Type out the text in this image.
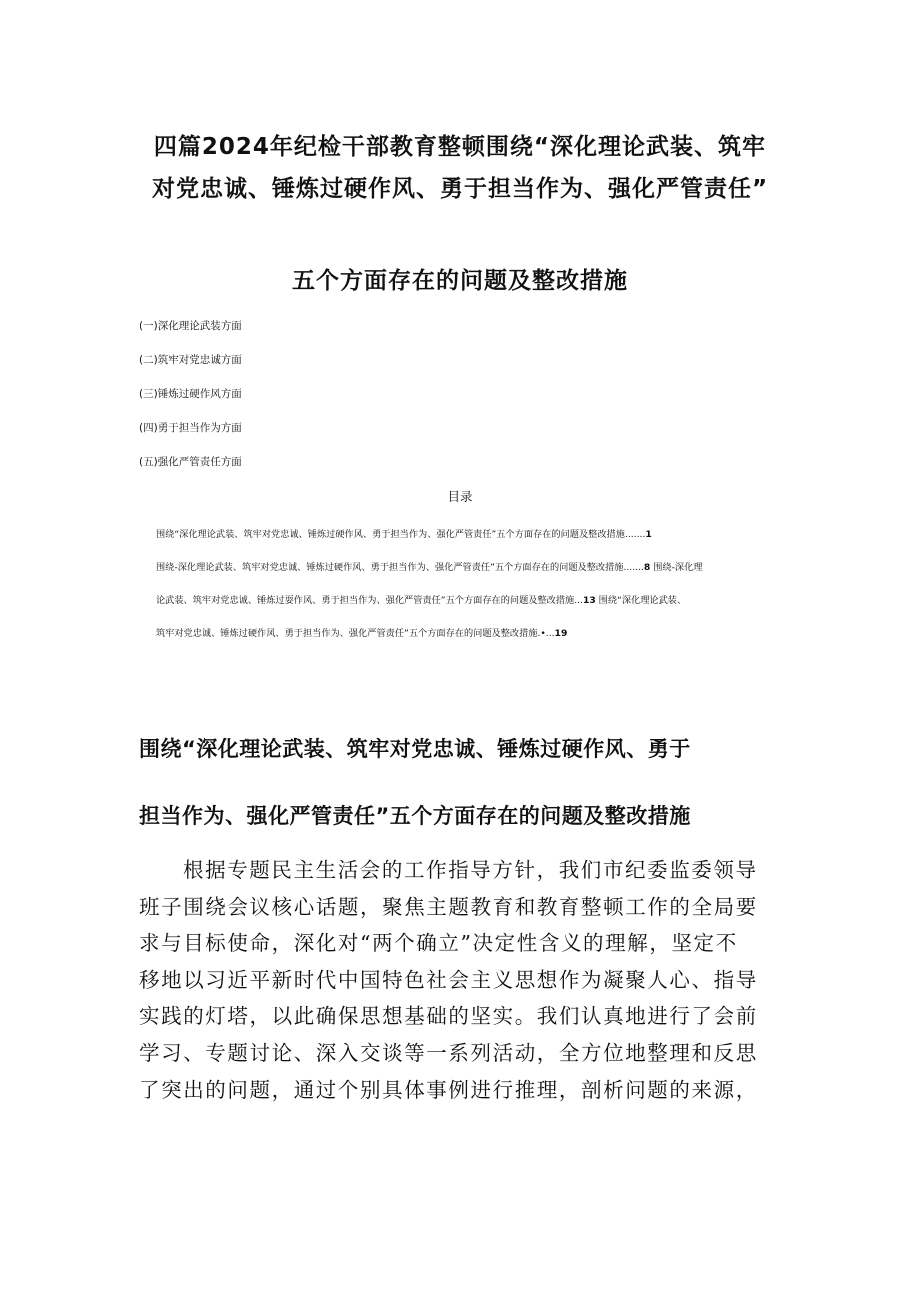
四篇2024年纪检干部教育整顿围绕“深化理论武装、筑牢
对党忠诚、锤炼过硬作风、勇于担当作为、强化严管责任”
五个方面存在的问题及整改措施
(一)深化理论武装方面
(二)筑牢对党忠诚方面
(三)锤炼过硬作风方面
(四)勇于担当作为方面
(五)强化严管责任方面
目录
围绕“深化理论武装、筑牢对党忠诚、锤炼过硬作风、勇于担当作为、强化严管责任”五个方面存在的问题及整改措施.......1
围绕-深化理论武装、筑牢对党忠诚、锤炼过硬作风、勇于担当作为、强化严管责任”五个方面存在的问题及整改措施.......8 围绕-深化理
论武装、筑牢对党忠诚、锤炼过耍作风、勇于担当作为、强化严管责任”五个方面存在的问题及整改措施...13 围绕“深化理论武装、
筑牢对党忠诚、锤炼过硬作风、勇于担当作为、强化严管责任”五个方面存在的问题及整改措施.•...19
围绕“深化理论武装、筑牢对党忠诚、锤炼过硬作风、勇于
担当作为、强化严管责任”五个方面存在的问题及整改措施
根据专题民主生活会的工作指导方针，我们市纪委监委领导
班子围绕会议核心话题，聚焦主题教育和教育整顿工作的全局要
求与目标使命，深化对“两个确立”决定性含义的理解，坚定不
移地以习近平新时代中国特色社会主义思想作为凝聚人心、指导
实践的灯塔，以此确保思想基础的坚实。我们认真地进行了会前
学习、专题讨论、深入交谈等一系列活动，全方位地整理和反思
了突出的问题，通过个别具体事例进行推理，剖析问题的来源，
